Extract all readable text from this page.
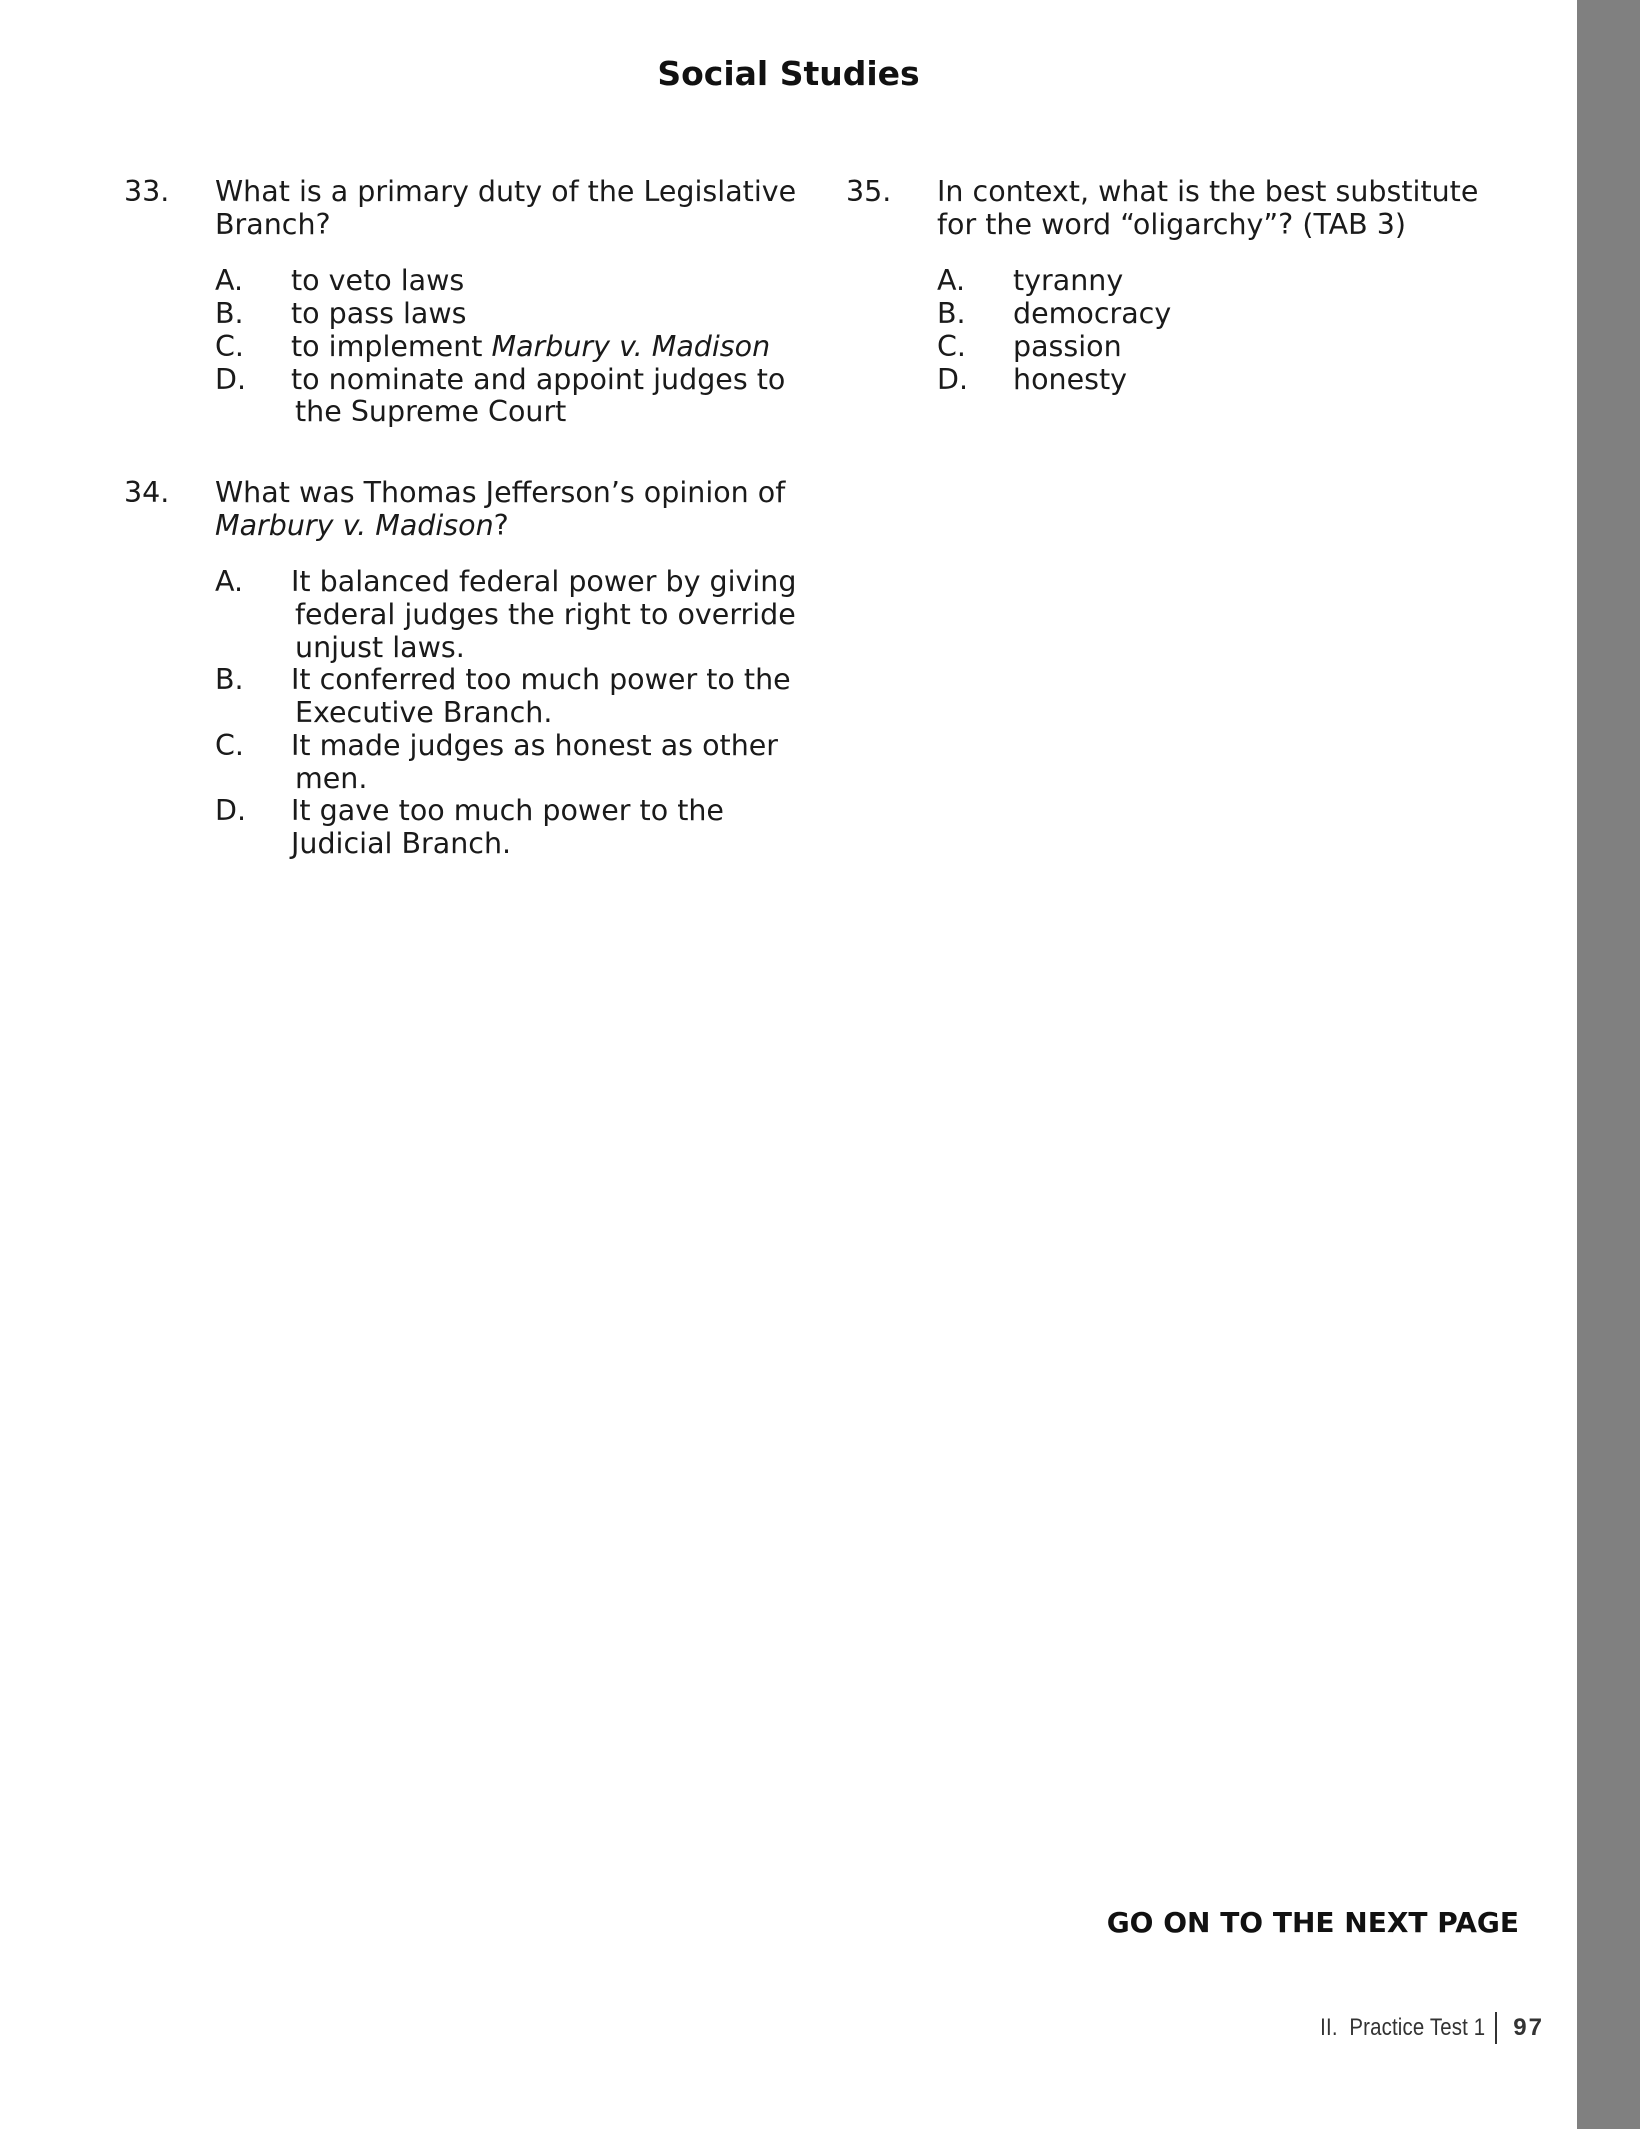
Social Studies
33.	What is a primary duty of the Legislative Branch?
A.	to veto laws
B.	to pass laws
C.	to implement Marbury v. Madison
D.	to nominate and appoint judges to
the Supreme Court
34.	What was Thomas Jefferson’s opinion of
Marbury v. Madison?
A.	It balanced federal power by giving
federal judges the right to override
unjust laws.
B.	It conferred too much power to the
Executive Branch.
C.	It made judges as honest as other
men.
D.	It gave too much power to the
Judicial Branch.
35.	In context, what is the best substitute for the word “oligarchy”? (TAB 3)
A.	tyranny
B.	democracy
C.	passion
D.	honesty
GO ON TO THE NEXT PAGE
II.  Practice Test 1 97
